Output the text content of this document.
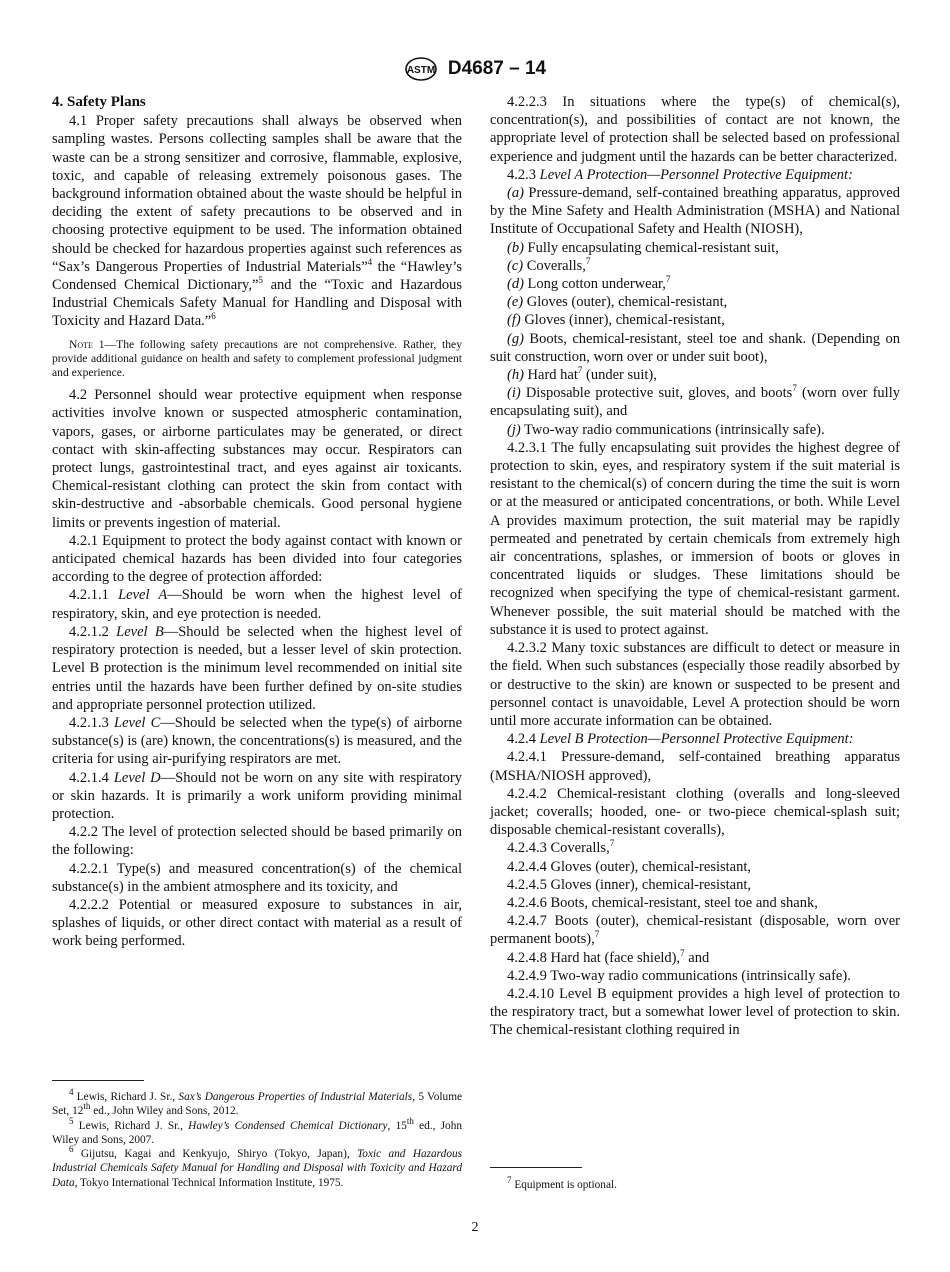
ASTM D4687 – 14

4. Safety Plans

4.1 Proper safety precautions shall always be observed when sampling wastes. Persons collecting samples shall be aware that the waste can be a strong sensitizer and corrosive, flammable, explosive, toxic, and capable of releasing extremely poisonous gases. The background information obtained about the waste should be helpful in deciding the extent of safety precautions to be observed and in choosing protective equipment to be used. The information obtained should be checked for hazardous properties against such references as “Sax’s Dangerous Properties of Industrial Materials”$^4$ the “Hawley’s Condensed Chemical Dictionary,”$^5$ and the “Toxic and Hazardous Industrial Chemicals Safety Manual for Handling and Disposal with Toxicity and Hazard Data.”$^6$

Note 1—The following safety precautions are not comprehensive. Rather, they provide additional guidance on health and safety to complement professional judgment and experience.

4.2 Personnel should wear protective equipment when response activities involve known or suspected atmospheric contamination, vapors, gases, or airborne particulates may be generated, or direct contact with skin-affecting substances may occur. Respirators can protect lungs, gastrointestinal tract, and eyes against air toxicants. Chemical-resistant clothing can protect the skin from contact with skin-destructive and -absorbable chemicals. Good personal hygiene limits or prevents ingestion of material.

4.2.1 Equipment to protect the body against contact with known or anticipated chemical hazards has been divided into four categories according to the degree of protection afforded:

4.2.1.1 Level A—Should be worn when the highest level of respiratory, skin, and eye protection is needed.

4.2.1.2 Level B—Should be selected when the highest level of respiratory protection is needed, but a lesser level of skin protection. Level B protection is the minimum level recommended on initial site entries until the hazards have been further defined by on-site studies and appropriate personnel protection utilized.

4.2.1.3 Level C—Should be selected when the type(s) of airborne substance(s) is (are) known, the concentrations(s) is measured, and the criteria for using air-purifying respirators are met.

4.2.1.4 Level D—Should not be worn on any site with respiratory or skin hazards. It is primarily a work uniform providing minimal protection.

4.2.2 The level of protection selected should be based primarily on the following:

4.2.2.1 Type(s) and measured concentration(s) of the chemical substance(s) in the ambient atmosphere and its toxicity, and

4.2.2.2 Potential or measured exposure to substances in air, splashes of liquids, or other direct contact with material as a result of work being performed.

4.2.2.3 In situations where the type(s) of chemical(s), concentration(s), and possibilities of contact are not known, the appropriate level of protection shall be selected based on professional experience and judgment until the hazards can be better characterized.

4.2.3 Level A Protection—Personnel Protective Equipment:

(a) Pressure-demand, self-contained breathing apparatus, approved by the Mine Safety and Health Administration (MSHA) and National Institute of Occupational Safety and Health (NIOSH),

(b) Fully encapsulating chemical-resistant suit,

(c) Coveralls,$^7$

(d) Long cotton underwear,$^7$

(e) Gloves (outer), chemical-resistant,

(f) Gloves (inner), chemical-resistant,

(g) Boots, chemical-resistant, steel toe and shank. (Depending on suit construction, worn over or under suit boot),

(h) Hard hat$^7$ (under suit),

(i) Disposable protective suit, gloves, and boots$^7$ (worn over fully encapsulating suit), and

(j) Two-way radio communications (intrinsically safe).

4.2.3.1 The fully encapsulating suit provides the highest degree of protection to skin, eyes, and respiratory system if the suit material is resistant to the chemical(s) of concern during the time the suit is worn or at the measured or anticipated concentrations, or both. While Level A provides maximum protection, the suit material may be rapidly permeated and penetrated by certain chemicals from extremely high air concentrations, splashes, or immersion of boots or gloves in concentrated liquids or sludges. These limitations should be recognized when specifying the type of chemical-resistant garment. Whenever possible, the suit material should be matched with the substance it is used to protect against.

4.2.3.2 Many toxic substances are difficult to detect or measure in the field. When such substances (especially those readily absorbed by or destructive to the skin) are known or suspected to be present and personnel contact is unavoidable, Level A protection should be worn until more accurate information can be obtained.

4.2.4 Level B Protection—Personnel Protective Equipment:

4.2.4.1 Pressure-demand, self-contained breathing apparatus (MSHA/NIOSH approved),

4.2.4.2 Chemical-resistant clothing (overalls and long-sleeved jacket; coveralls; hooded, one- or two-piece chemical-splash suit; disposable chemical-resistant coveralls),

4.2.4.3 Coveralls,$^7$

4.2.4.4 Gloves (outer), chemical-resistant,

4.2.4.5 Gloves (inner), chemical-resistant,

4.2.4.6 Boots, chemical-resistant, steel toe and shank,

4.2.4.7 Boots (outer), chemical-resistant (disposable, worn over permanent boots),$^7$

4.2.4.8 Hard hat (face shield),$^7$ and

4.2.4.9 Two-way radio communications (intrinsically safe).

4.2.4.10 Level B equipment provides a high level of protection to the respiratory tract, but a somewhat lower level of protection to skin. The chemical-resistant clothing required in

$^4$ Lewis, Richard J. Sr., Sax’s Dangerous Properties of Industrial Materials, 5 Volume Set, 12th ed., John Wiley and Sons, 2012.

$^5$ Lewis, Richard J. Sr., Hawley’s Condensed Chemical Dictionary, 15th ed., John Wiley and Sons, 2007.

$^6$ Gijutsu, Kagai and Kenkyujo, Shiryo (Tokyo, Japan), Toxic and Hazardous Industrial Chemicals Safety Manual for Handling and Disposal with Toxicity and Hazard Data, Tokyo International Technical Information Institute, 1975.	$^7$ Equipment is optional.

2
